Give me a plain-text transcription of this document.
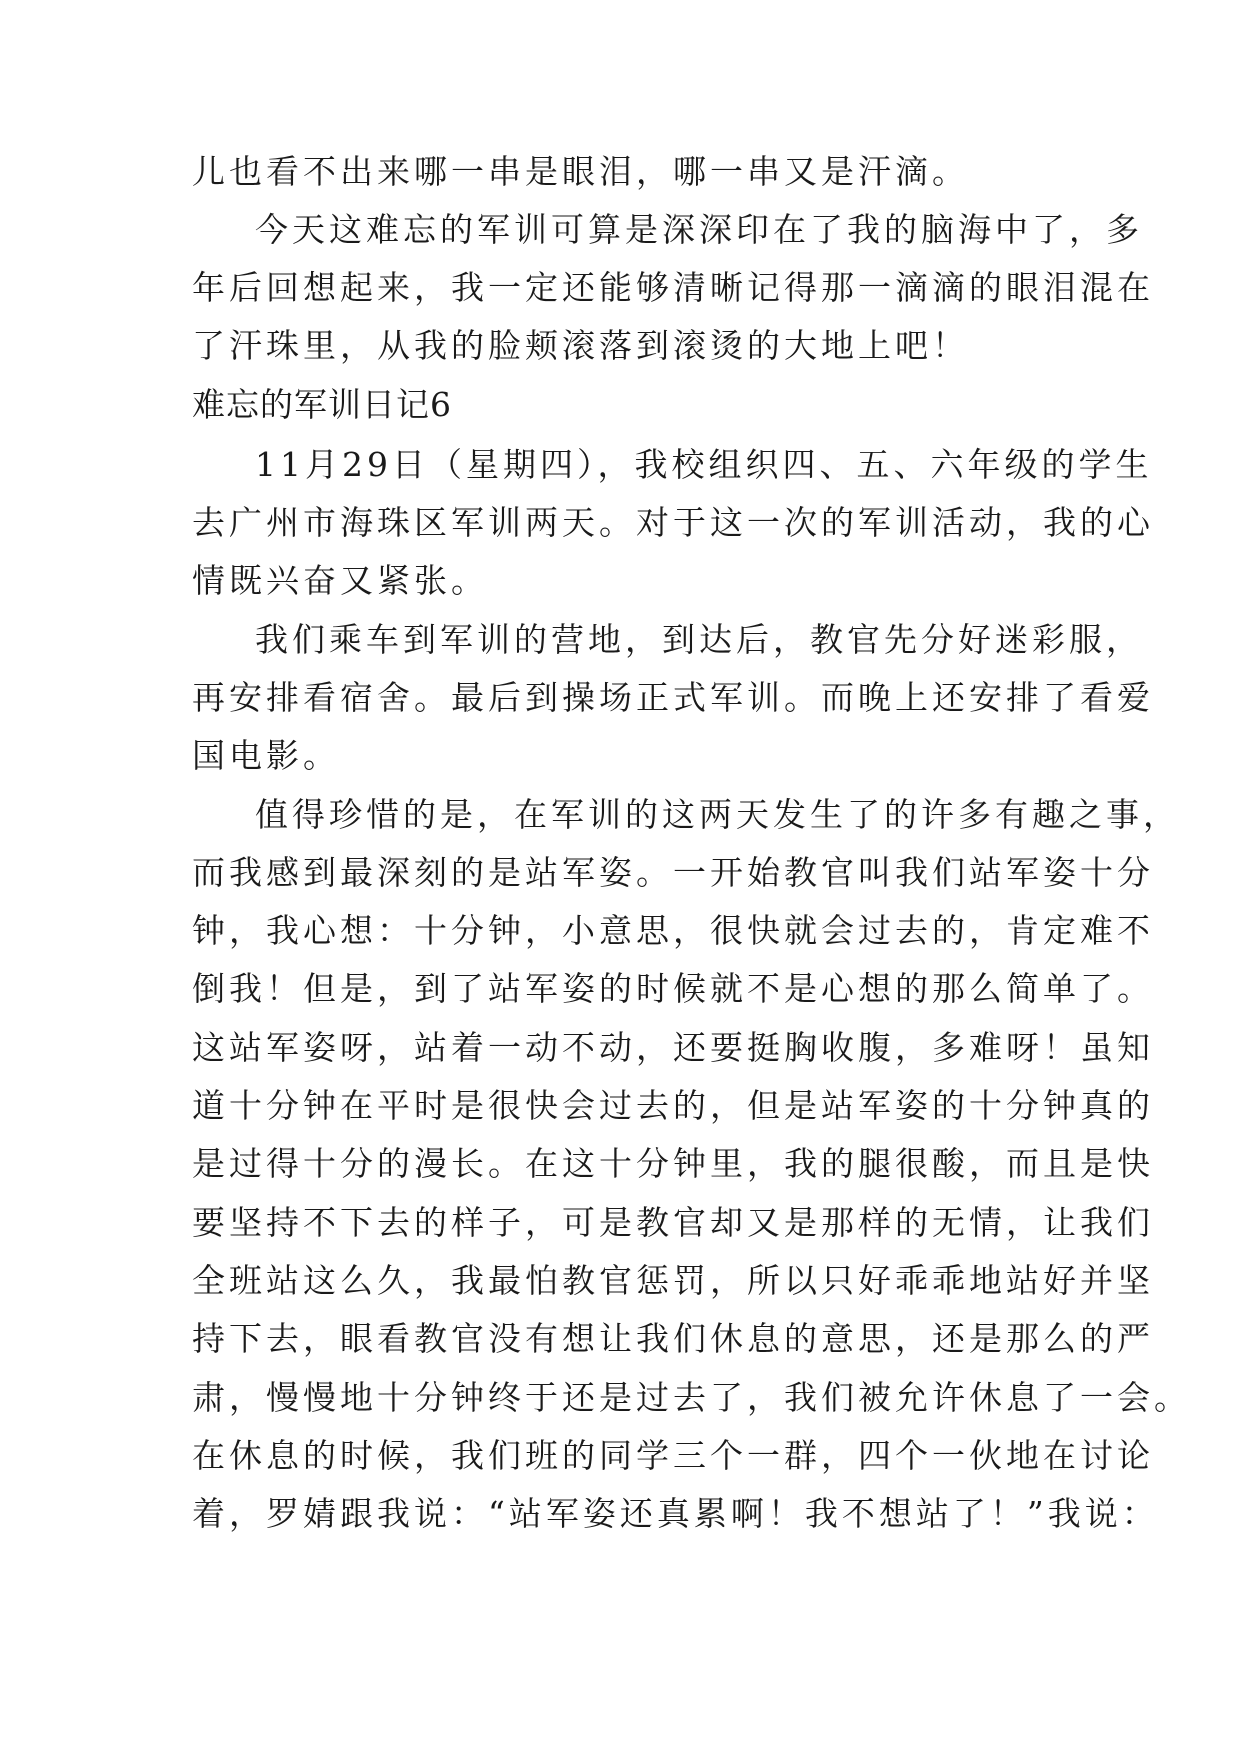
儿也看不出来哪一串是眼泪，哪一串又是汗滴。
今天这难忘的军训可算是深深印在了我的脑海中了，多
年后回想起来，我一定还能够清晰记得那一滴滴的眼泪混在
了汗珠里，从我的脸颊滚落到滚烫的大地上吧！
难忘的军训日记6
11月29日（星期四），我校组织四、五、六年级的学生
去广州市海珠区军训两天。对于这一次的军训活动，我的心
情既兴奋又紧张。
我们乘车到军训的营地，到达后，教官先分好迷彩服，
再安排看宿舍。最后到操场正式军训。而晚上还安排了看爱
国电影。
值得珍惜的是，在军训的这两天发生了的许多有趣之事，
而我感到最深刻的是站军姿。一开始教官叫我们站军姿十分
钟，我心想：十分钟，小意思，很快就会过去的，肯定难不
倒我！但是，到了站军姿的时候就不是心想的那么简单了。
这站军姿呀，站着一动不动，还要挺胸收腹，多难呀！虽知
道十分钟在平时是很快会过去的，但是站军姿的十分钟真的
是过得十分的漫长。在这十分钟里，我的腿很酸，而且是快
要坚持不下去的样子，可是教官却又是那样的无情，让我们
全班站这么久，我最怕教官惩罚，所以只好乖乖地站好并坚
持下去，眼看教官没有想让我们休息的意思，还是那么的严
肃，慢慢地十分钟终于还是过去了，我们被允许休息了一会。
在休息的时候，我们班的同学三个一群，四个一伙地在讨论
着，罗婧跟我说：“站军姿还真累啊！我不想站了！”我说：
